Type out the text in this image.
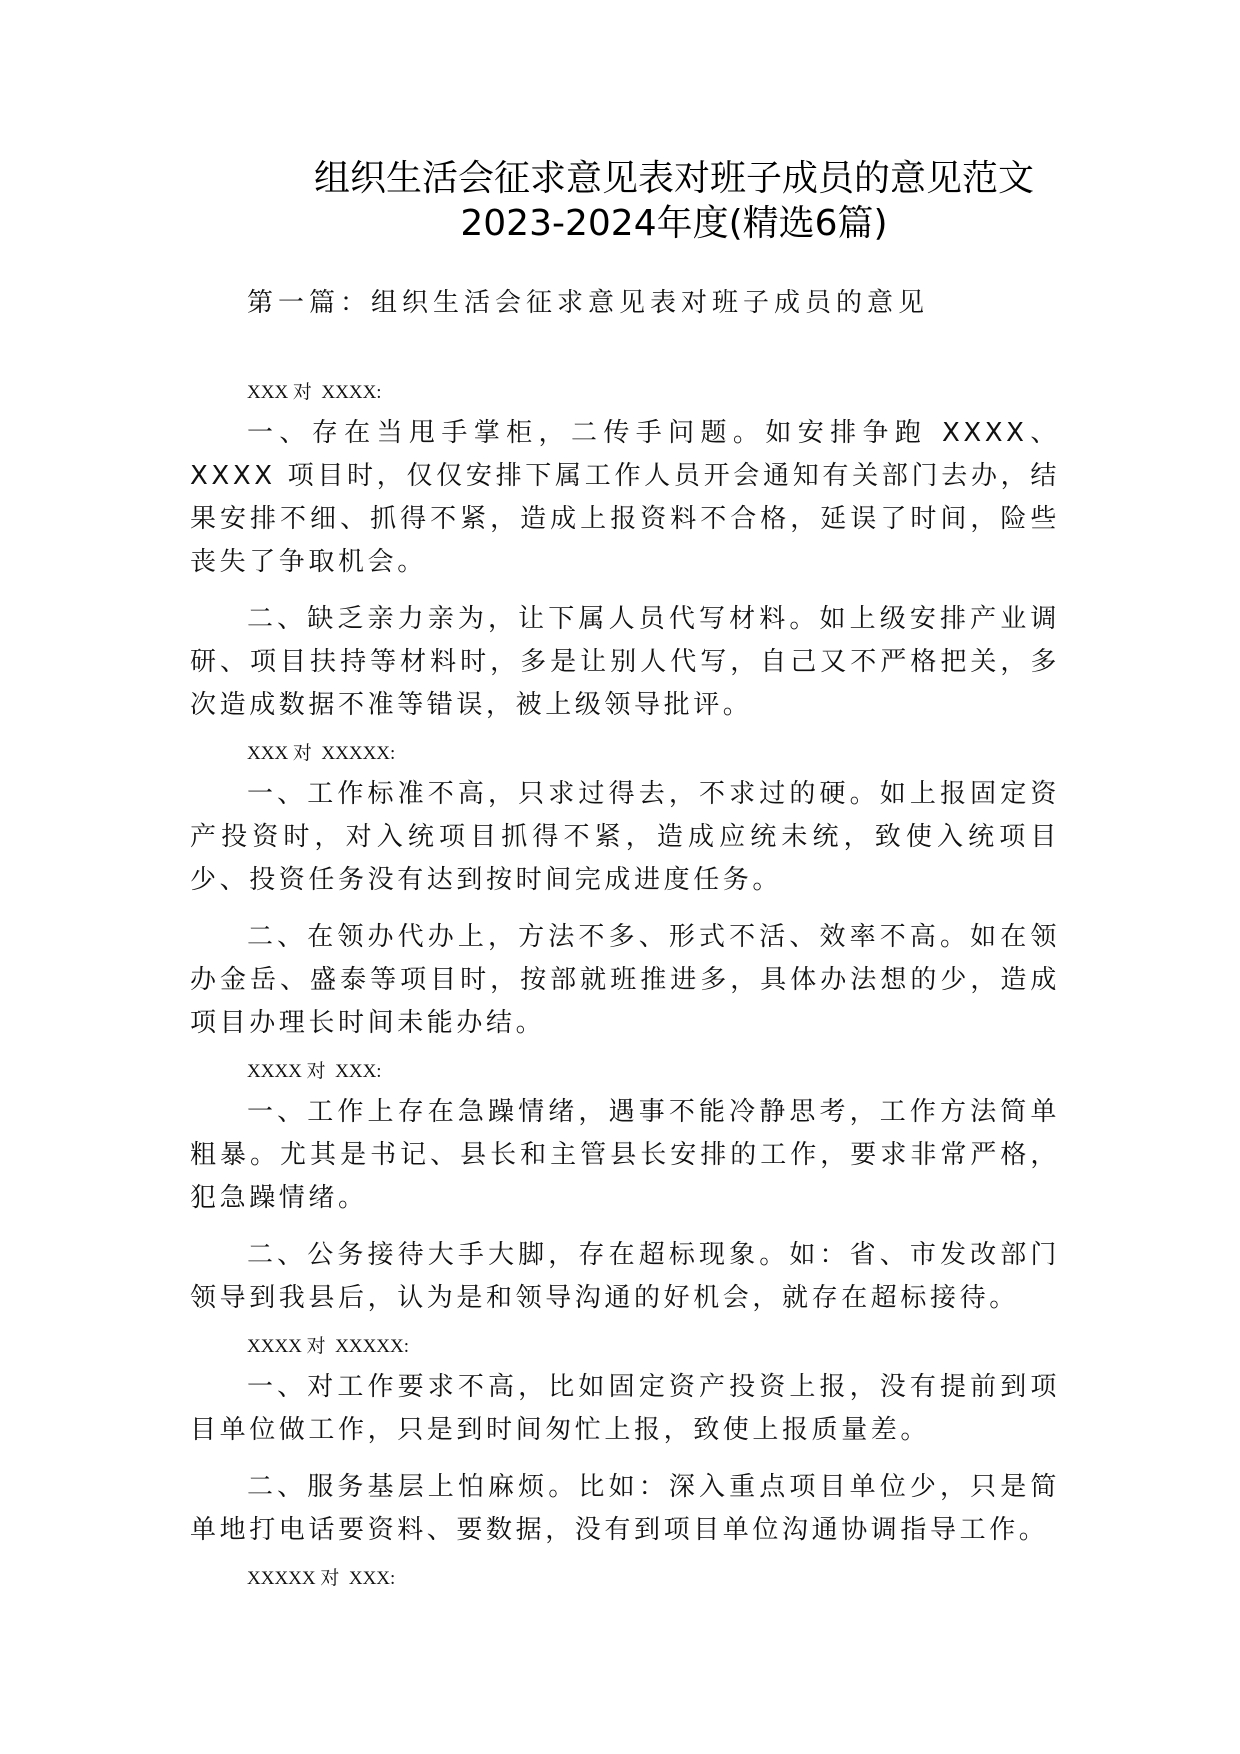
组织生活会征求意见表对班子成员的意见范文
2023-2024年度(精选6篇)
第一篇：组织生活会征求意见表对班子成员的意见
XXX 对  XXXX:

一、存在当甩手掌柜，二传手问题。如安排争跑 XXXX、XXXX 项目时，仅仅安排下属工作人员开会通知有关部门去办，结果安排不细、抓得不紧，造成上报资料不合格，延误了时间，险些丧失了争取机会。

二、缺乏亲力亲为，让下属人员代写材料。如上级安排产业调研、项目扶持等材料时，多是让别人代写，自己又不严格把关，多次造成数据不准等错误，被上级领导批评。

XXX 对  XXXXX:

一、工作标准不高，只求过得去，不求过的硬。如上报固定资产投资时，对入统项目抓得不紧，造成应统未统，致使入统项目少、投资任务没有达到按时间完成进度任务。

二、在领办代办上，方法不多、形式不活、效率不高。如在领办金岳、盛泰等项目时，按部就班推进多，具体办法想的少，造成项目办理长时间未能办结。

XXXX 对  XXX:

一、工作上存在急躁情绪，遇事不能冷静思考，工作方法简单粗暴。尤其是书记、县长和主管县长安排的工作，要求非常严格，犯急躁情绪。

二、公务接待大手大脚，存在超标现象。如：省、市发改部门领导到我县后，认为是和领导沟通的好机会，就存在超标接待。

XXXX 对  XXXXX:

一、对工作要求不高，比如固定资产投资上报，没有提前到项目单位做工作，只是到时间匆忙上报，致使上报质量差。

二、服务基层上怕麻烦。比如：深入重点项目单位少，只是简单地打电话要资料、要数据，没有到项目单位沟通协调指导工作。

XXXXX 对  XXX:
